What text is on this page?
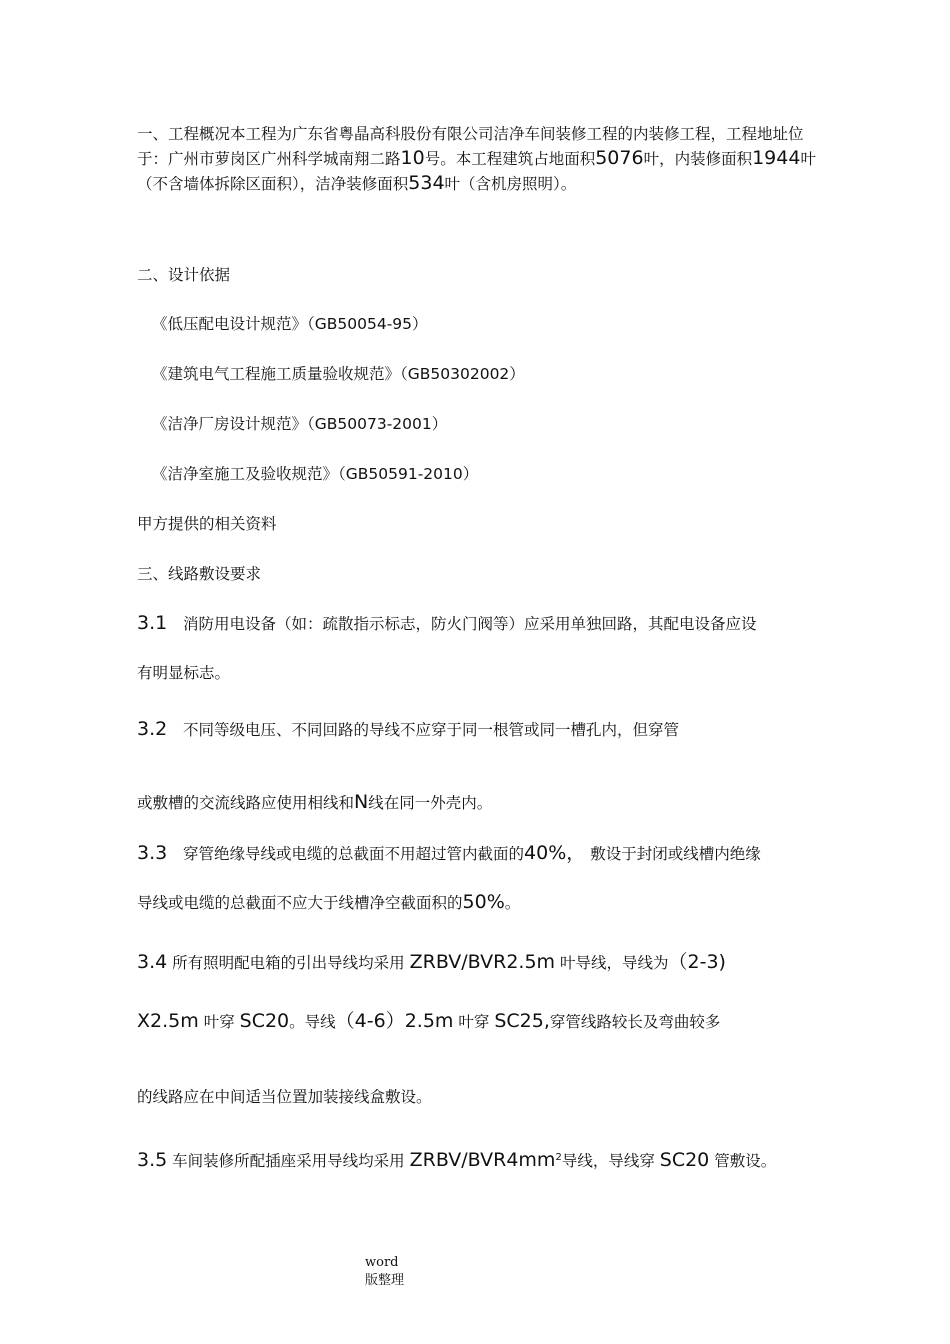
一、工程概况本工程为广东省粤晶高科股份有限公司洁净车间装修工程的内装修工程，工程地址位于：广州市萝岗区广州科学城南翔二路10号。本工程建筑占地面积5076叶，内装修面积1944叶（不含墙体拆除区面积），洁净装修面积534叶（含机房照明）。

二、设计依据

《低压配电设计规范》（GB50054-95）

《建筑电气工程施工质量验收规范》（GB50302002）

《洁净厂房设计规范》（GB50073-2001）

《洁净室施工及验收规范》（GB50591-2010）

甲方提供的相关资料

三、线路敷设要求

3.1 消防用电设备（如：疏散指示标志，防火门阀等）应采用单独回路，其配电设备应设

有明显标志。

3.2 不同等级电压、不同回路的导线不应穿于同一根管或同一槽孔内，但穿管

或敷槽的交流线路应使用相线和N线在同一外壳内。

3.3 穿管绝缘导线或电缆的总截面不用超过管内截面的40%， 敷设于封闭或线槽内绝缘

导线或电缆的总截面不应大于线槽净空截面积的50%。

3.4 所有照明配电箱的引出导线均采用 ZRBV/BVR2.5m 叶导线，导线为（2-3)

X2.5m 叶穿 SC20。导线（4-6）2.5m 叶穿 SC25,穿管线路较长及弯曲较多

的线路应在中间适当位置加装接线盒敷设。

3.5 车间装修所配插座采用导线均采用 ZRBV/$BVR4mm^2$导线，导线穿 SC20 管敷设。

word
版整理
